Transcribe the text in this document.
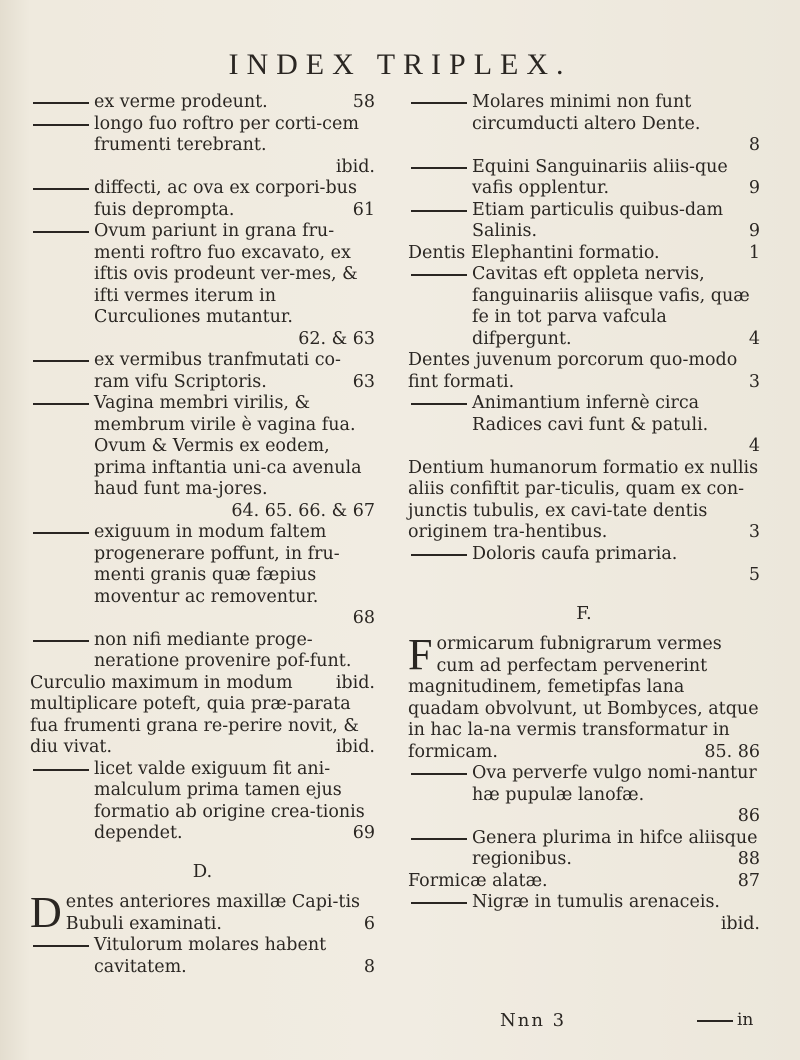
INDEX TRIPLEX.
ex verme prodeunt.	58
longo fuo roftro per corti-cem frumenti terebrant.
ibid.
diffecti, ac ova ex corpori-bus fuis deprompta.	61
Ovum pariunt in grana fru-menti roftro fuo excavato, ex iftis ovis prodeunt ver-mes, & ifti vermes iterum in Curculiones mutantur.
62. & 63
ex vermibus tranfmutati co-ram vifu Scriptoris.	63
Vagina membri virilis, & membrum virile è vagina fua. Ovum & Vermis ex eodem, prima inftantia uni-ca avenula haud funt ma-jores.
64. 65. 66. & 67
exiguum in modum faltem progenerare poffunt, in fru-menti granis quæ fæpius moventur ac removentur.
68
non nifi mediante proge-neratione provenire pof-funt.
ibid.
Curculio maximum in modum multiplicare poteft, quia præ-parata fua frumenti grana re-perire novit, & diu vivat.	ibid.
licet valde exiguum fit ani-malculum prima tamen ejus formatio ab origine crea-tionis dependet.	69
D.
D entes anteriores maxillæ Capi-tis Bubuli examinati.	6
Vitulorum molares habent cavitatem.	8
Molares minimi non funt circumducti altero Dente.
8
Equini Sanguinariis aliis-que vafis opplentur.	9
Etiam particulis quibus-dam Salinis.	9
Dentis Elephantini formatio.	1
Cavitas eft oppleta nervis, fanguinariis aliisque vafis, quæ fe in tot parva vafcula difpergunt.	4
Dentes juvenum porcorum quo-modo fint formati.	3
Animantium infernè circa Radices cavi funt & patuli.
4
Dentium humanorum formatio ex nullis aliis confiftit par-ticulis, quam ex con-junctis tubulis, ex cavi-tate dentis originem tra-hentibus.	3
Doloris caufa primaria.
5
F.
F ormicarum fubnigrarum vermes cum ad perfectam pervenerint magnitudinem, femetipfas lana quadam obvolvunt, ut Bombyces, atque in hac la-na vermis transformatur in formicam.	85. 86
Ova perverfe vulgo nomi-nantur hæ pupulæ lanofæ.
86
Genera plurima in hifce aliisque regionibus.	88
Formicæ alatæ.	87
Nigræ in tumulis arenaceis.
ibid.
Nnn 3	in
